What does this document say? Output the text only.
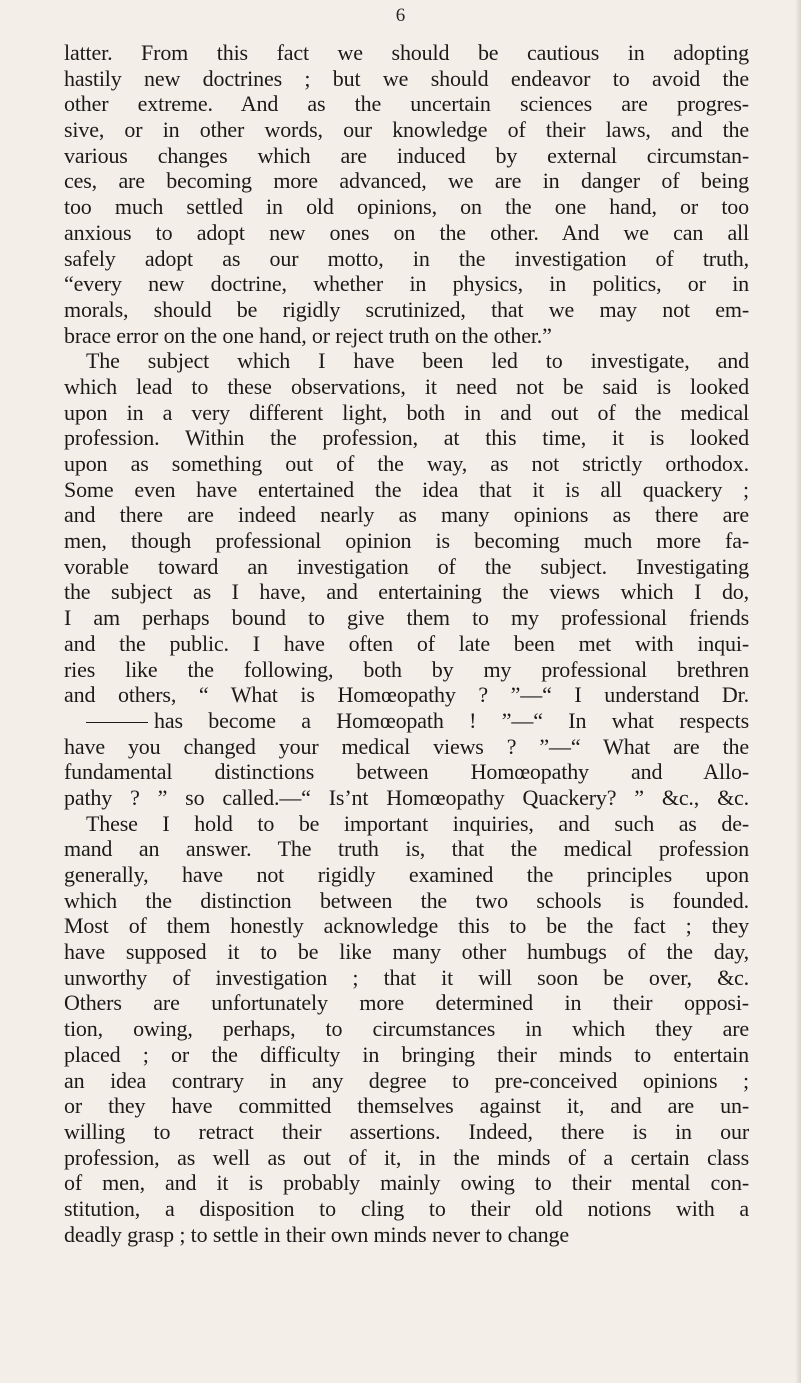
6
latter. From this fact we should be cautious in adopting
hastily new doctrines ; but we should endeavor to avoid the
other extreme. And as the uncertain sciences are progres-
sive, or in other words, our knowledge of their laws, and the
various changes which are induced by external circumstan-
ces, are becoming more advanced, we are in danger of being
too much settled in old opinions, on the one hand, or too
anxious to adopt new ones on the other. And we can all
safely adopt as our motto, in the investigation of truth,
“every new doctrine, whether in physics, in politics, or in
morals, should be rigidly scrutinized, that we may not em-
brace error on the one hand, or reject truth on the other.”
The subject which I have been led to investigate, and
which lead to these observations, it need not be said is looked
upon in a very different light, both in and out of the medical
profession. Within the profession, at this time, it is looked
upon as something out of the way, as not strictly orthodox.
Some even have entertained the idea that it is all quackery ;
and there are indeed nearly as many opinions as there are
men, though professional opinion is becoming much more fa-
vorable toward an investigation of the subject. Investigating
the subject as I have, and entertaining the views which I do,
I am perhaps bound to give them to my professional friends
and the public. I have often of late been met with inqui-
ries like the following, both by my professional brethren
and others, “ What is Homœopathy ? ”—“ I understand Dr.
has become a Homœopath ! ”—“ In what respects
have you changed your medical views ? ”—“ What are the
fundamental distinctions between Homœopathy and Allo-
pathy ? ” so called.—“ Is’nt Homœopathy Quackery? ” &c., &c.
These I hold to be important inquiries, and such as de-
mand an answer. The truth is, that the medical profession
generally, have not rigidly examined the principles upon
which the distinction between the two schools is founded.
Most of them honestly acknowledge this to be the fact ; they
have supposed it to be like many other humbugs of the day,
unworthy of investigation ; that it will soon be over, &c.
Others are unfortunately more determined in their opposi-
tion, owing, perhaps, to circumstances in which they are
placed ; or the difficulty in bringing their minds to entertain
an idea contrary in any degree to pre-conceived opinions ;
or they have committed themselves against it, and are un-
willing to retract their assertions. Indeed, there is in our
profession, as well as out of it, in the minds of a certain class
of men, and it is probably mainly owing to their mental con-
stitution, a disposition to cling to their old notions with a
deadly grasp ; to settle in their own minds never to change
